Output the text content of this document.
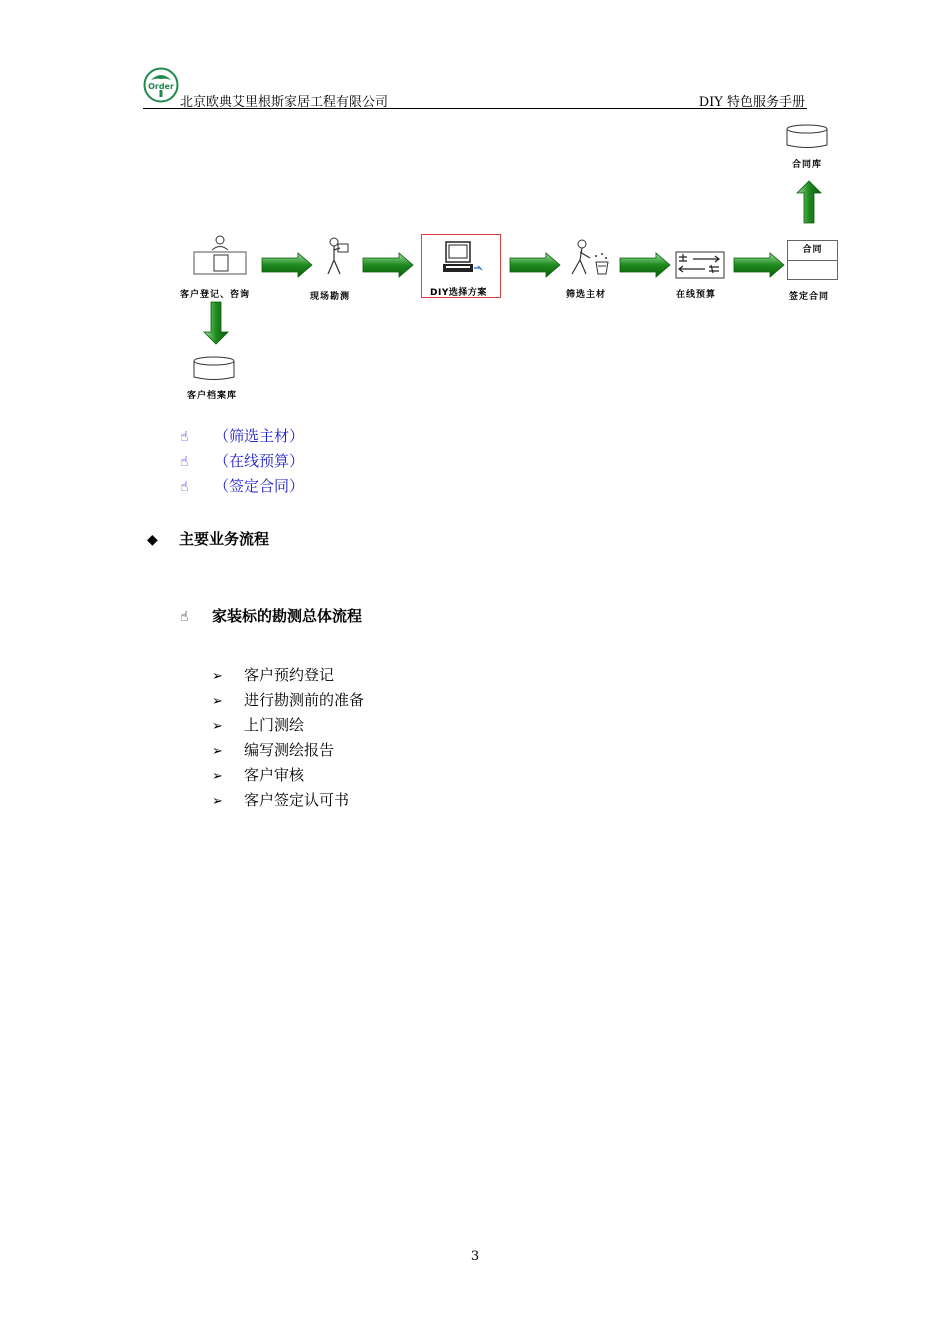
Order
北京欧典艾里根斯家居工程有限公司	DIY 特色服务手册
合同库
客户登记、咨询	现场勘测	DIY选择方案	筛选主材	在线预算
合同
签定合同
客户档案库
☝ （筛选主材）
☝ （在线预算）
☝ （签定合同）
◆ 主要业务流程
☝ 家装标的勘测总体流程
➢ 客户预约登记
➢ 进行勘测前的准备
➢ 上门测绘
➢ 编写测绘报告
➢ 客户审核
➢ 客户签定认可书
3
